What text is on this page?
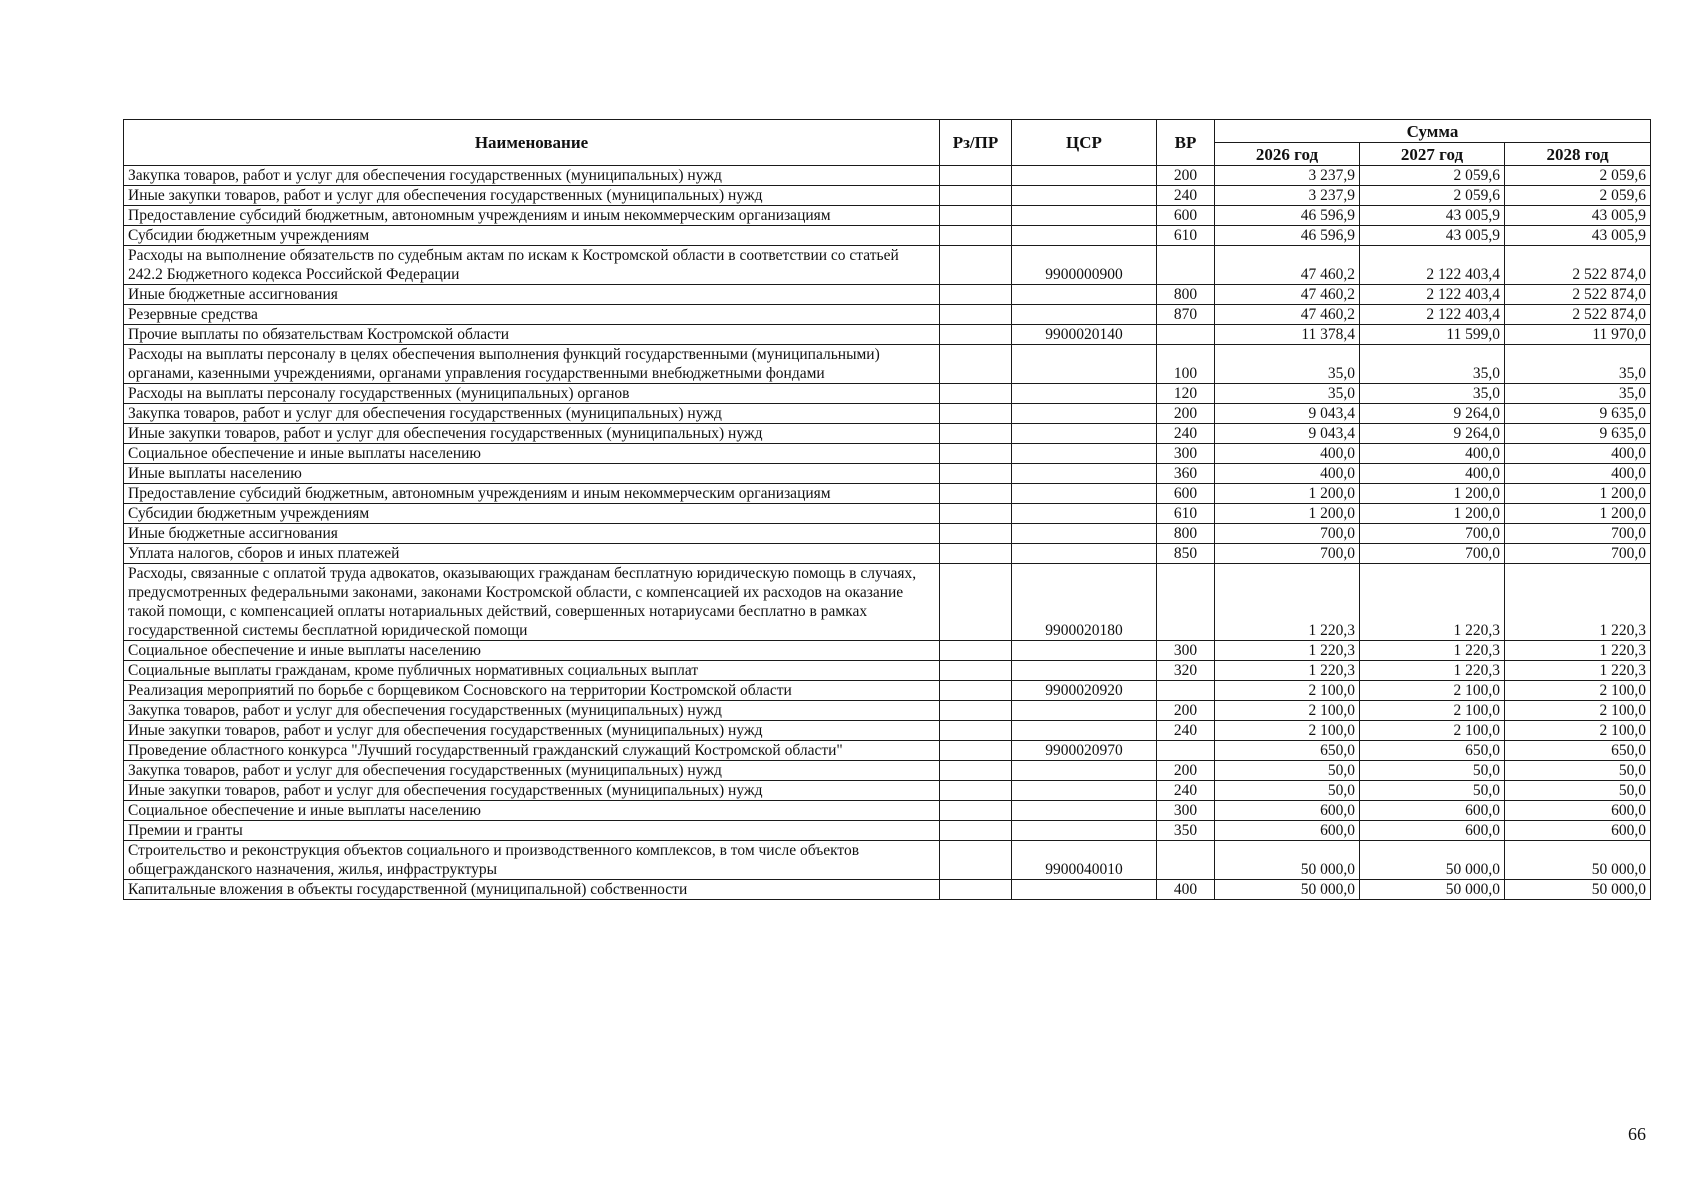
Наименование	Рз/ПР	ЦСР	ВР	Сумма		
				2026 год	2027 год	2028 год
Закупка товаров, работ и услуг для обеспечения государственных (муниципальных) нужд			200	3 237,9	2 059,6	2 059,6
Иные закупки товаров, работ и услуг для обеспечения государственных (муниципальных) нужд			240	3 237,9	2 059,6	2 059,6
Предоставление субсидий бюджетным, автономным учреждениям и иным некоммерческим организациям			600	46 596,9	43 005,9	43 005,9
Субсидии бюджетным учреждениям			610	46 596,9	43 005,9	43 005,9
Расходы на выполнение обязательств по судебным актам по искам к Костромской области в соответствии со статьей 242.2 Бюджетного кодекса Российской Федерации		9900000900		47 460,2	2 122 403,4	2 522 874,0
Иные бюджетные ассигнования			800	47 460,2	2 122 403,4	2 522 874,0
Резервные средства			870	47 460,2	2 122 403,4	2 522 874,0
Прочие выплаты по обязательствам Костромской области		9900020140		11 378,4	11 599,0	11 970,0
Расходы на выплаты персоналу в целях обеспечения выполнения функций государственными (муниципальными) органами, казенными учреждениями, органами управления государственными внебюджетными фондами			100	35,0	35,0	35,0
Расходы на выплаты персоналу государственных (муниципальных) органов			120	35,0	35,0	35,0
Закупка товаров, работ и услуг для обеспечения государственных (муниципальных) нужд			200	9 043,4	9 264,0	9 635,0
Иные закупки товаров, работ и услуг для обеспечения государственных (муниципальных) нужд			240	9 043,4	9 264,0	9 635,0
Социальное обеспечение и иные выплаты населению			300	400,0	400,0	400,0
Иные выплаты населению			360	400,0	400,0	400,0
Предоставление субсидий бюджетным, автономным учреждениям и иным некоммерческим организациям			600	1 200,0	1 200,0	1 200,0
Субсидии бюджетным учреждениям			610	1 200,0	1 200,0	1 200,0
Иные бюджетные ассигнования			800	700,0	700,0	700,0
Уплата налогов, сборов и иных платежей			850	700,0	700,0	700,0
Расходы, связанные с оплатой труда адвокатов, оказывающих гражданам бесплатную юридическую помощь в случаях, предусмотренных федеральными законами, законами Костромской области, с компенсацией их расходов на оказание такой помощи, с компенсацией оплаты нотариальных действий, совершенных нотариусами бесплатно в рамках государственной системы бесплатной юридической помощи		9900020180		1 220,3	1 220,3	1 220,3
Социальное обеспечение и иные выплаты населению			300	1 220,3	1 220,3	1 220,3
Социальные выплаты гражданам, кроме публичных нормативных социальных выплат			320	1 220,3	1 220,3	1 220,3
Реализация мероприятий по борьбе с борщевиком Сосновского на территории Костромской области		9900020920		2 100,0	2 100,0	2 100,0
Закупка товаров, работ и услуг для обеспечения государственных (муниципальных) нужд			200	2 100,0	2 100,0	2 100,0
Иные закупки товаров, работ и услуг для обеспечения государственных (муниципальных) нужд			240	2 100,0	2 100,0	2 100,0
Проведение областного конкурса "Лучший государственный гражданский служащий Костромской области"		9900020970		650,0	650,0	650,0
Закупка товаров, работ и услуг для обеспечения государственных (муниципальных) нужд			200	50,0	50,0	50,0
Иные закупки товаров, работ и услуг для обеспечения государственных (муниципальных) нужд			240	50,0	50,0	50,0
Социальное обеспечение и иные выплаты населению			300	600,0	600,0	600,0
Премии и гранты			350	600,0	600,0	600,0
Строительство и реконструкция объектов социального и производственного комплексов, в том числе объектов общегражданского назначения, жилья, инфраструктуры		9900040010		50 000,0	50 000,0	50 000,0
Капитальные вложения в объекты государственной (муниципальной) собственности			400	50 000,0	50 000,0	50 000,0
66
